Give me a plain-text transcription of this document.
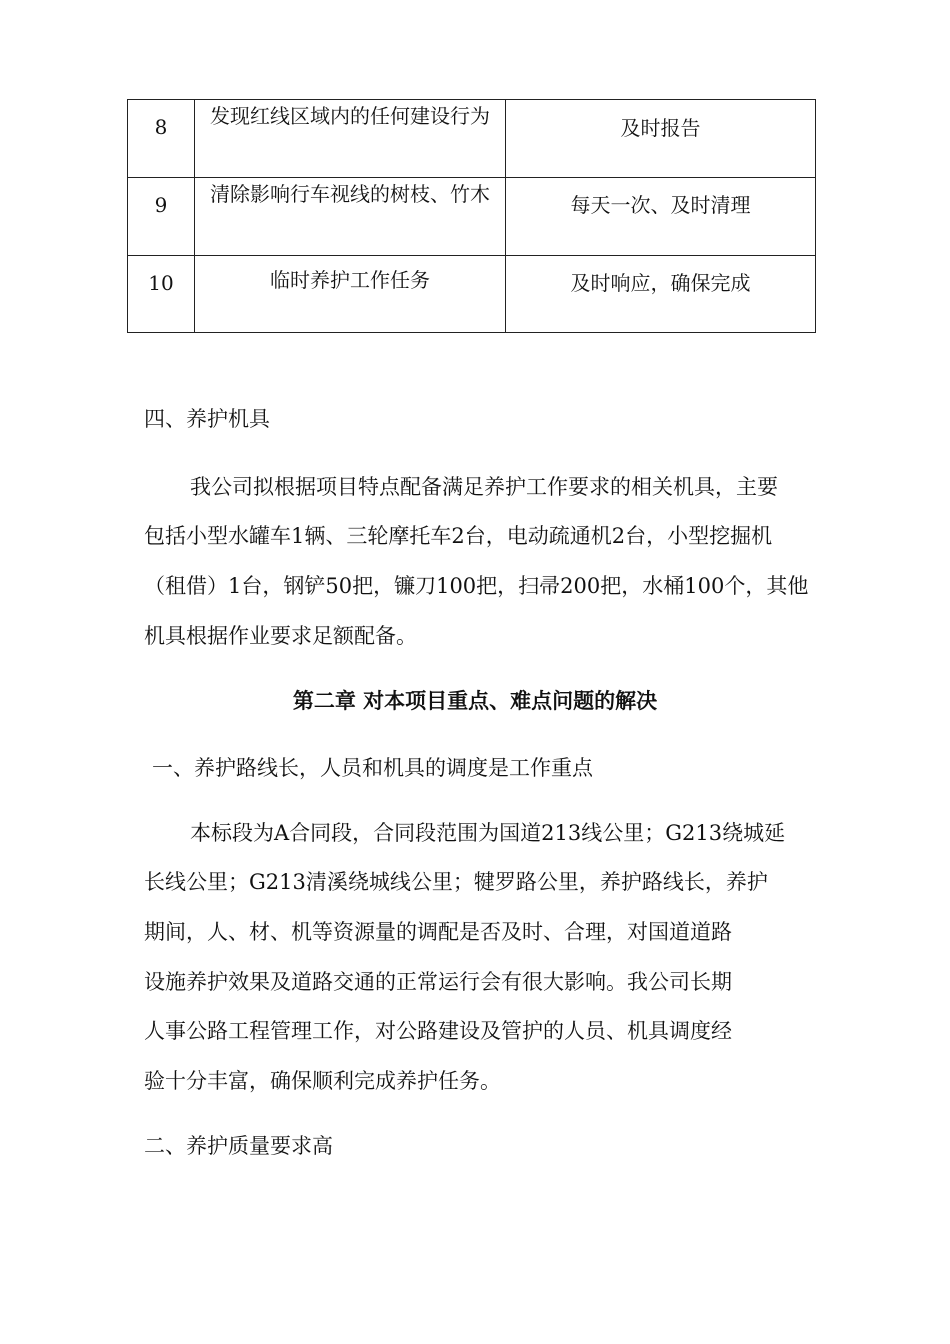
8	发现红线区域内的任何建设行为	及时报告

9	清除影响行车视线的树枝、竹木	每天一次、及时清理

10	临时养护工作任务	及时响应，确保完成
四、养护机具
我公司拟根据项目特点配备满足养护工作要求的相关机具，主要
包括小型水罐车1辆、三轮摩托车2台，电动疏通机2台，小型挖掘机
（租借）1台，钢铲50把，镰刀100把，扫帚200把，水桶100个，其他
机具根据作业要求足额配备。
第二章 对本项目重点、难点问题的解决
一、养护路线长，人员和机具的调度是工作重点
本标段为A合同段，合同段范围为国道213线公里；G213绕城延
长线公里；G213清溪绕城线公里；犍罗路公里，养护路线长，养护
期间，人、材、机等资源量的调配是否及时、合理，对国道道路
设施养护效果及道路交通的正常运行会有很大影响。我公司长期
人事公路工程管理工作，对公路建设及管护的人员、机具调度经
验十分丰富，确保顺利完成养护任务。
二、养护质量要求高
